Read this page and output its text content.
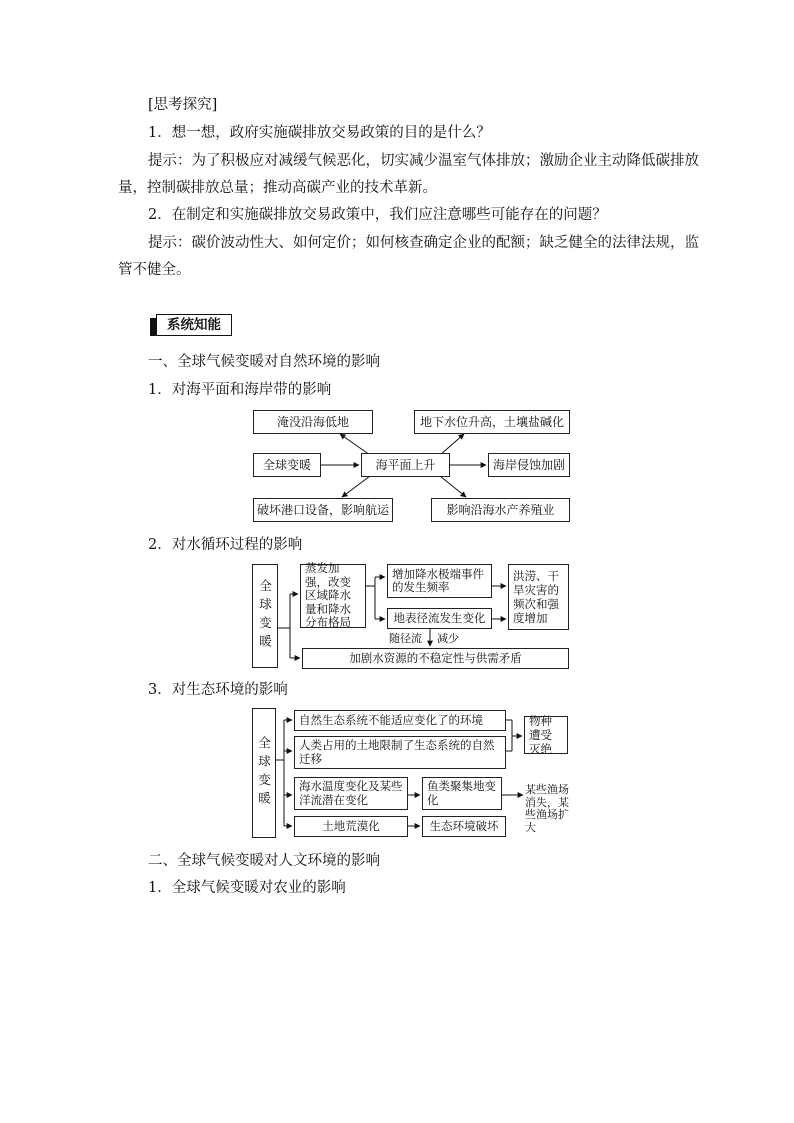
[思考探究]
1．想一想，政府实施碳排放交易政策的目的是什么？
提示：为了积极应对减缓气候恶化，切实减少温室气体排放；激励企业主动降低碳排放
量，控制碳排放总量；推动高碳产业的技术革新。
2．在制定和实施碳排放交易政策中，我们应注意哪些可能存在的问题？
提示：碳价波动性大、如何定价；如何核查确定企业的配额；缺乏健全的法律法规，监
管不健全。
系统知能
一、全球气候变暖对自然环境的影响
1．对海平面和海岸带的影响
淹没沿海低地	地下水位升高，土壤盐碱化
全球变暖	海平面上升	海岸侵蚀加剧
破坏港口设备，影响航运	影响沿海水产养殖业
2．对水循环过程的影响
全球变暖
蒸发加强，改变区域降水量和降水分布格局
增加降水极端事件的发生频率
地表径流发生变化
洪涝、干旱灾害的频次和强度增加
随径流 减少
加剧水资源的不稳定性与供需矛盾
3．对生态环境的影响
全球变暖
自然生态系统不能适应变化了的环境
人类占用的土地限制了生态系统的自然迁移
物种遭受灭绝
海水温度变化及某些洋流潜在变化
鱼类聚集地变化
某些渔场消失，某些渔场扩大
土地荒漠化	生态环境破坏
二、全球气候变暖对人文环境的影响
1．全球气候变暖对农业的影响
